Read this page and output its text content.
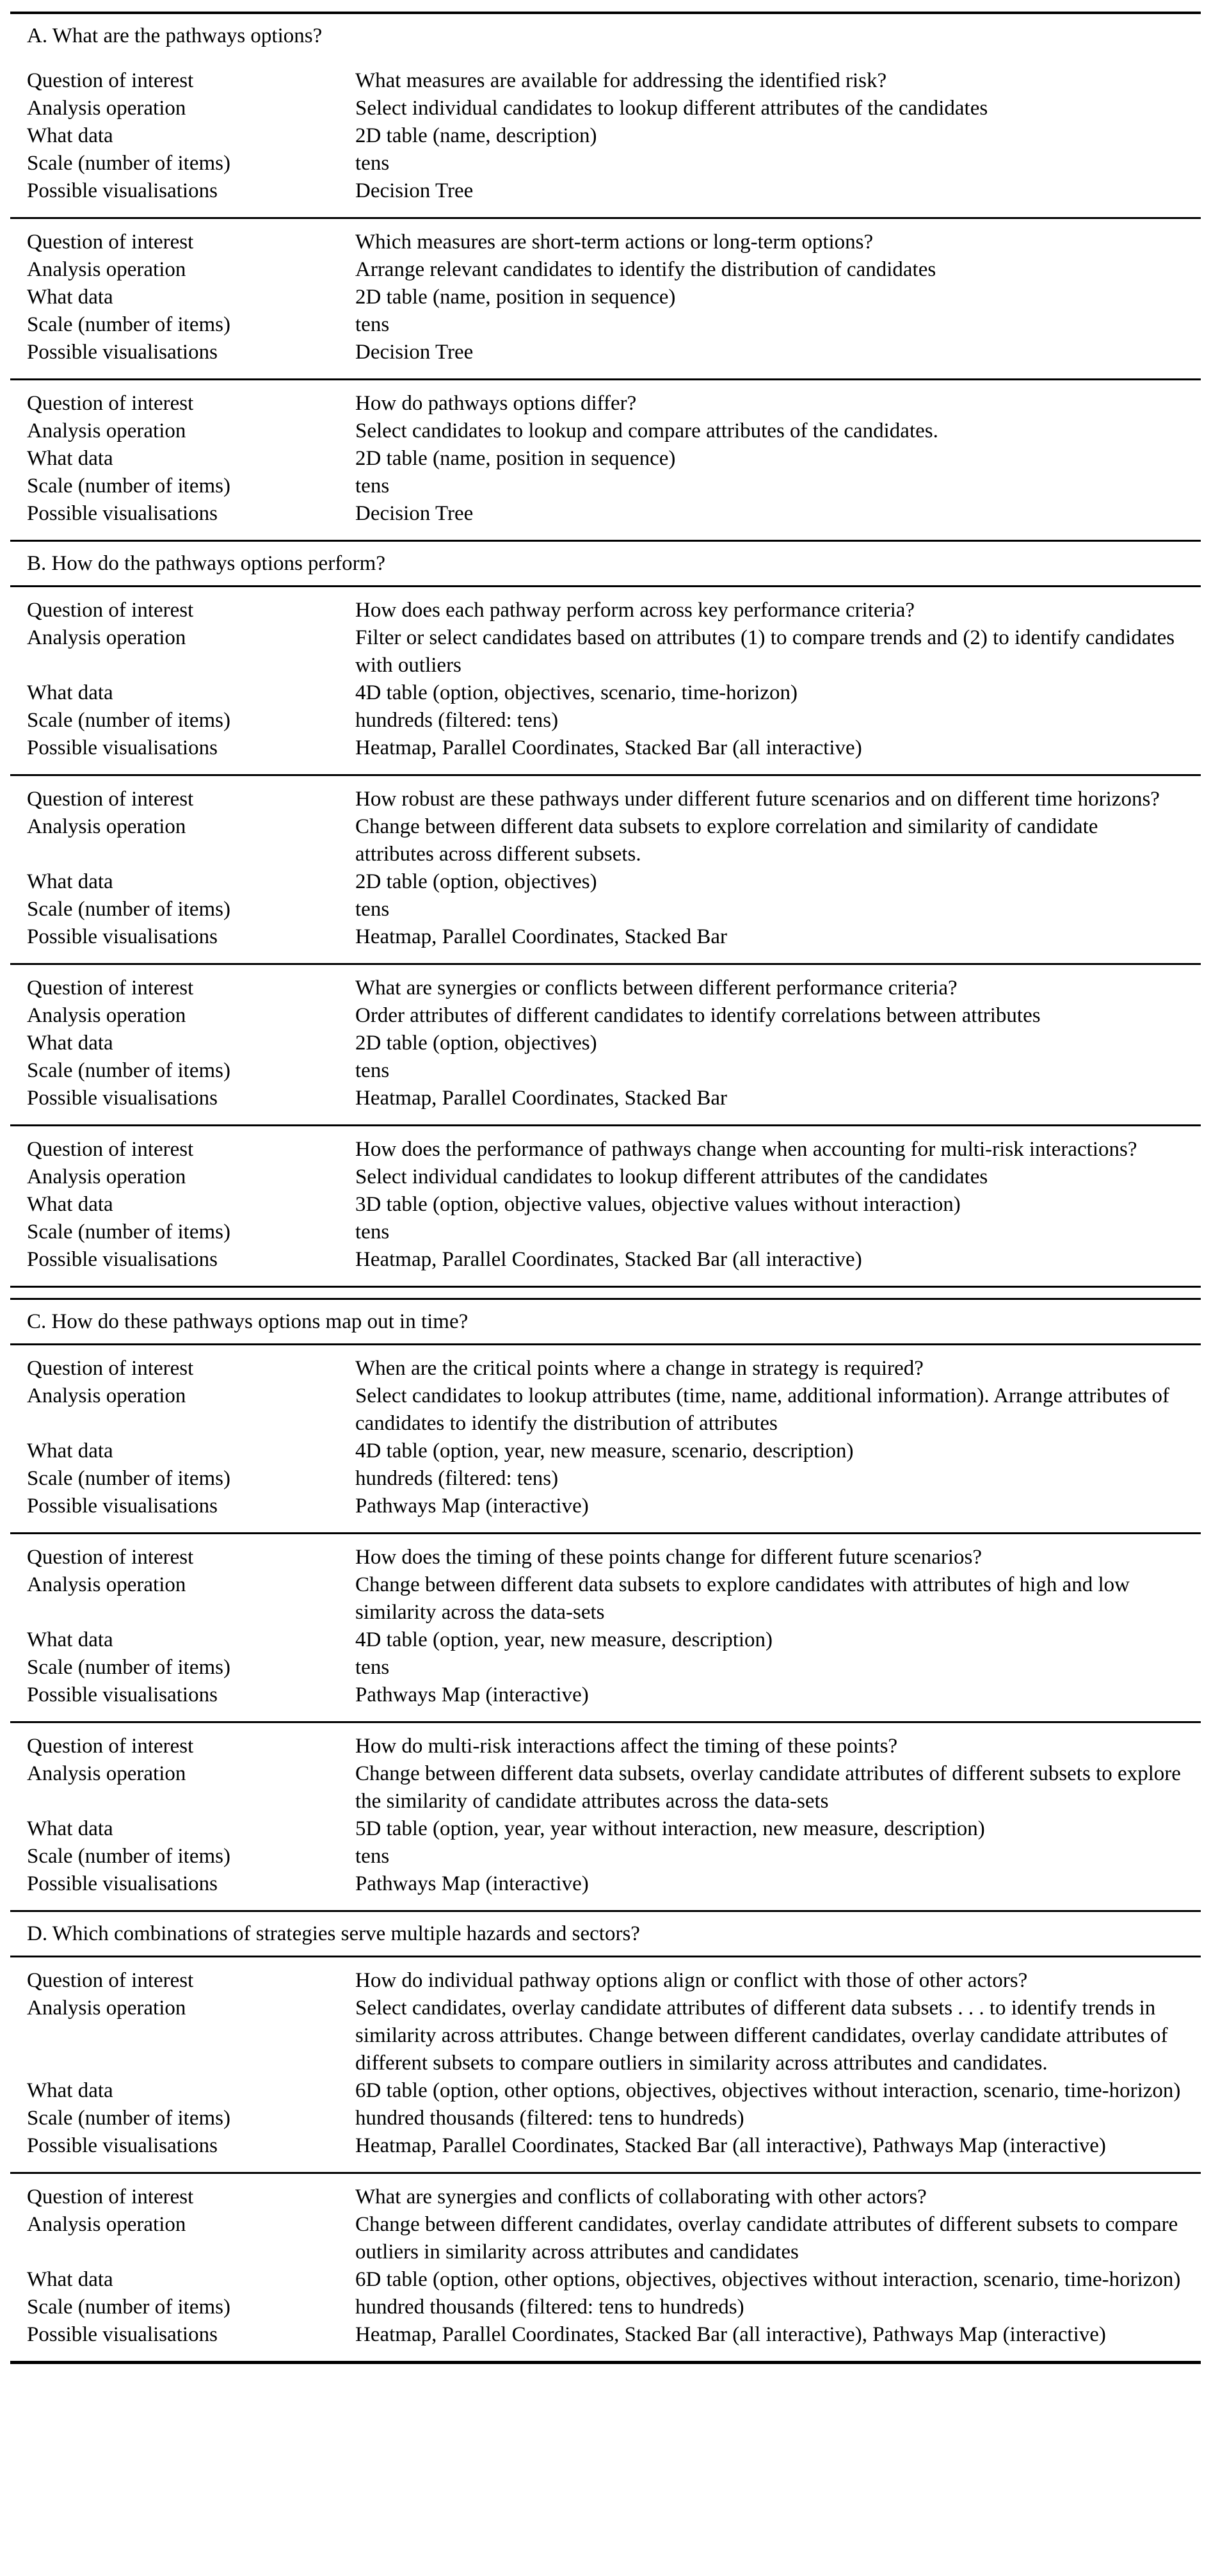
A. What are the pathways options?
Question of interest	What measures are available for addressing the identified risk?
Analysis operation	Select individual candidates to lookup different attributes of the candidates
What data	2D table (name, description)
Scale (number of items)	tens
Possible visualisations	Decision Tree
Question of interest	Which measures are short-term actions or long-term options?
Analysis operation	Arrange relevant candidates to identify the distribution of candidates
What data	2D table (name, position in sequence)
Scale (number of items)	tens
Possible visualisations	Decision Tree
Question of interest	How do pathways options differ?
Analysis operation	Select candidates to lookup and compare attributes of the candidates.
What data	2D table (name, position in sequence)
Scale (number of items)	tens
Possible visualisations	Decision Tree
B. How do the pathways options perform?
Question of interest	How does each pathway perform across key performance criteria?
Analysis operation	Filter or select candidates based on attributes (1) to compare trends and (2) to identify candidates with outliers
What data	4D table (option, objectives, scenario, time-horizon)
Scale (number of items)	hundreds (filtered: tens)
Possible visualisations	Heatmap, Parallel Coordinates, Stacked Bar (all interactive)
Question of interest	How robust are these pathways under different future scenarios and on different time horizons?
Analysis operation	Change between different data subsets to explore correlation and similarity of candidate attributes across different subsets.
What data	2D table (option, objectives)
Scale (number of items)	tens
Possible visualisations	Heatmap, Parallel Coordinates, Stacked Bar
Question of interest	What are synergies or conflicts between different performance criteria?
Analysis operation	Order attributes of different candidates to identify correlations between attributes
What data	2D table (option, objectives)
Scale (number of items)	tens
Possible visualisations	Heatmap, Parallel Coordinates, Stacked Bar
Question of interest	How does the performance of pathways change when accounting for multi-risk interactions?
Analysis operation	Select individual candidates to lookup different attributes of the candidates
What data	3D table (option, objective values, objective values without interaction)
Scale (number of items)	tens
Possible visualisations	Heatmap, Parallel Coordinates, Stacked Bar (all interactive)
C. How do these pathways options map out in time?
Question of interest	When are the critical points where a change in strategy is required?
Analysis operation	Select candidates to lookup attributes (time, name, additional information). Arrange attributes of candidates to identify the distribution of attributes
What data	4D table (option, year, new measure, scenario, description)
Scale (number of items)	hundreds (filtered: tens)
Possible visualisations	Pathways Map (interactive)
Question of interest	How does the timing of these points change for different future scenarios?
Analysis operation	Change between different data subsets to explore candidates with attributes of high and low similarity across the data-sets
What data	4D table (option, year, new measure, description)
Scale (number of items)	tens
Possible visualisations	Pathways Map (interactive)
Question of interest	How do multi-risk interactions affect the timing of these points?
Analysis operation	Change between different data subsets, overlay candidate attributes of different subsets to explore the similarity of candidate attributes across the data-sets
What data	5D table (option, year, year without interaction, new measure, description)
Scale (number of items)	tens
Possible visualisations	Pathways Map (interactive)
D. Which combinations of strategies serve multiple hazards and sectors?
Question of interest	How do individual pathway options align or conflict with those of other actors?
Analysis operation	Select candidates, overlay candidate attributes of different data subsets . . . to identify trends in similarity across attributes. Change between different candidates, overlay candidate attributes of different subsets to compare outliers in similarity across attributes and candidates.
What data	6D table (option, other options, objectives, objectives without interaction, scenario, time-horizon)
Scale (number of items)	hundred thousands (filtered: tens to hundreds)
Possible visualisations	Heatmap, Parallel Coordinates, Stacked Bar (all interactive), Pathways Map (interactive)
Question of interest	What are synergies and conflicts of collaborating with other actors?
Analysis operation	Change between different candidates, overlay candidate attributes of different subsets to compare outliers in similarity across attributes and candidates
What data	6D table (option, other options, objectives, objectives without interaction, scenario, time-horizon)
Scale (number of items)	hundred thousands (filtered: tens to hundreds)
Possible visualisations	Heatmap, Parallel Coordinates, Stacked Bar (all interactive), Pathways Map (interactive)
